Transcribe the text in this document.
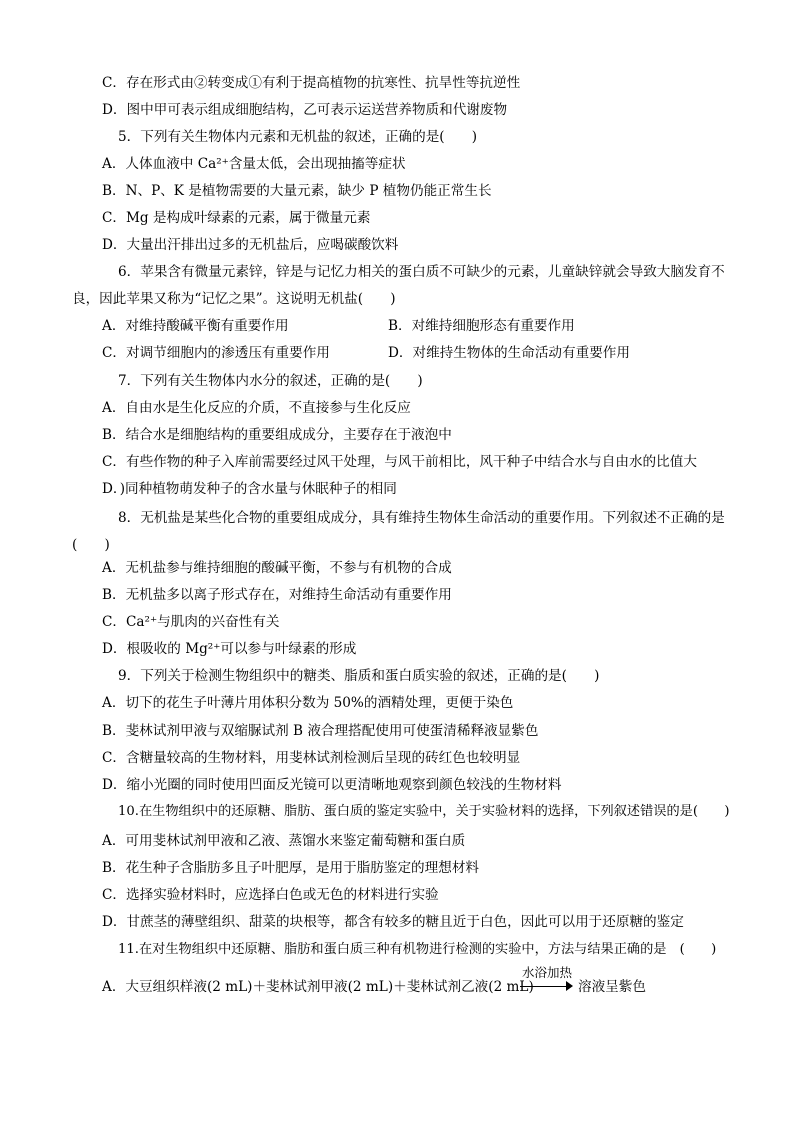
C．存在形式由②转变成①有利于提高植物的抗寒性、抗旱性等抗逆性
D．图中甲可表示组成细胞结构，乙可表示运送营养物质和代谢废物
5．下列有关生物体内元素和无机盐的叙述，正确的是(　　)
A．人体血液中 Ca²⁺含量太低，会出现抽搐等症状
B．N、P、K 是植物需要的大量元素，缺少 P 植物仍能正常生长
C．Mg 是构成叶绿素的元素，属于微量元素
D．大量出汗排出过多的无机盐后，应喝碳酸饮料
6．苹果含有微量元素锌，锌是与记忆力相关的蛋白质不可缺少的元素，儿童缺锌就会导致大脑发育不
良，因此苹果又称为“记忆之果”。这说明无机盐(　　)
A．对维持酸碱平衡有重要作用	B．对维持细胞形态有重要作用
C．对调节细胞内的渗透压有重要作用	D．对维持生物体的生命活动有重要作用
7．下列有关生物体内水分的叙述，正确的是(　　)
A．自由水是生化反应的介质，不直接参与生化反应
B．结合水是细胞结构的重要组成成分，主要存在于液泡中
C．有些作物的种子入库前需要经过风干处理，与风干前相比，风干种子中结合水与自由水的比值大
D．)同种植物萌发种子的含水量与休眠种子的相同
8．无机盐是某些化合物的重要组成成分，具有维持生物体生命活动的重要作用。下列叙述不正确的是
(　　)
A．无机盐参与维持细胞的酸碱平衡，不参与有机物的合成
B．无机盐多以离子形式存在，对维持生命活动有重要作用
C．Ca²⁺与肌肉的兴奋性有关
D．根吸收的 Mg²⁺可以参与叶绿素的形成
9．下列关于检测生物组织中的糖类、脂质和蛋白质实验的叙述，正确的是(　　)
A．切下的花生子叶薄片用体积分数为 50%的酒精处理，更便于染色
B．斐林试剂甲液与双缩脲试剂 B 液合理搭配使用可使蛋清稀释液显紫色
C．含糖量较高的生物材料，用斐林试剂检测后呈现的砖红色也较明显
D．缩小光圈的同时使用凹面反光镜可以更清晰地观察到颜色较浅的生物材料
10.在生物组织中的还原糖、脂肪、蛋白质的鉴定实验中，关于实验材料的选择，下列叙述错误的是(　　)
A．可用斐林试剂甲液和乙液、蒸馏水来鉴定葡萄糖和蛋白质
B．花生种子含脂肪多且子叶肥厚，是用于脂肪鉴定的理想材料
C．选择实验材料时，应选择白色或无色的材料进行实验
D．甘蔗茎的薄壁组织、甜菜的块根等，都含有较多的糖且近于白色，因此可以用于还原糖的鉴定
11.在对生物组织中还原糖、脂肪和蛋白质三种有机物进行检测的实验中，方法与结果正确的是　(　　)
A．大豆组织样液(2 mL)＋斐林试剂甲液(2 mL)＋斐林试剂乙液(2 mL)
水浴加热
溶液呈紫色
